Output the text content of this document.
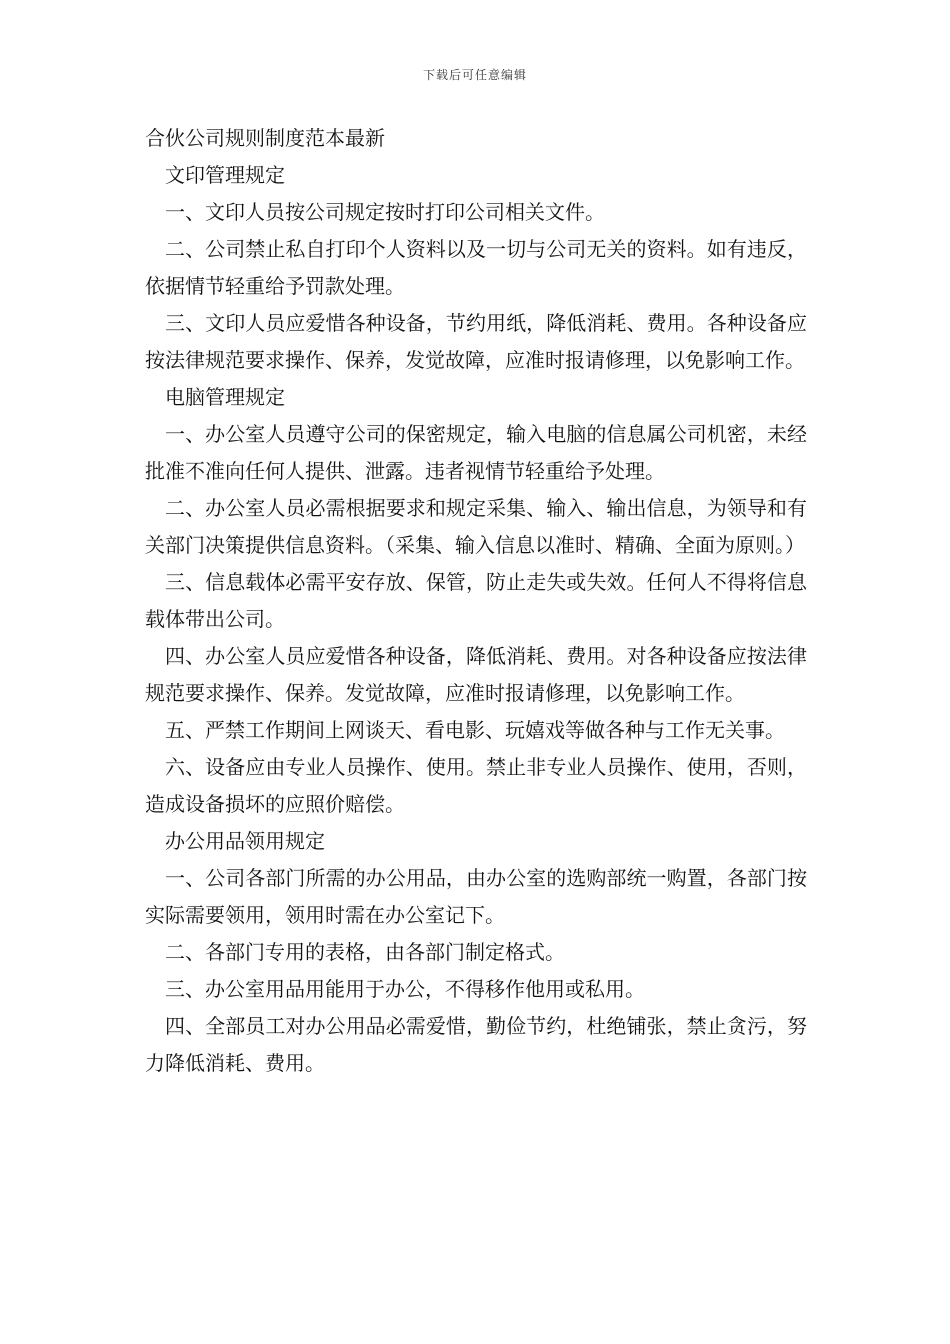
下载后可任意编辑
合伙公司规则制度范本最新
文印管理规定

一、文印人员按公司规定按时打印公司相关文件。

二、公司禁止私自打印个人资料以及一切与公司无关的资料。如有违反，依据情节轻重给予罚款处理。

三、文印人员应爱惜各种设备，节约用纸，降低消耗、费用。各种设备应按法律规范要求操作、保养，发觉故障，应准时报请修理，以免影响工作。

电脑管理规定

一、办公室人员遵守公司的保密规定，输入电脑的信息属公司机密，未经批准不准向任何人提供、泄露。违者视情节轻重给予处理。

二、办公室人员必需根据要求和规定采集、输入、输出信息，为领导和有关部门决策提供信息资料。（采集、输入信息以准时、精确、全面为原则。）

三、信息载体必需平安存放、保管，防止走失或失效。任何人不得将信息载体带出公司。

四、办公室人员应爱惜各种设备，降低消耗、费用。对各种设备应按法律规范要求操作、保养。发觉故障，应准时报请修理，以免影响工作。

五、严禁工作期间上网谈天、看电影、玩嬉戏等做各种与工作无关事。

六、设备应由专业人员操作、使用。禁止非专业人员操作、使用，否则，造成设备损坏的应照价赔偿。

办公用品领用规定

一、公司各部门所需的办公用品，由办公室的选购部统一购置，各部门按实际需要领用，领用时需在办公室记下。

二、各部门专用的表格，由各部门制定格式。

三、办公室用品用能用于办公，不得移作他用或私用。

四、全部员工对办公用品必需爱惜，勤俭节约，杜绝铺张，禁止贪污，努力降低消耗、费用。
